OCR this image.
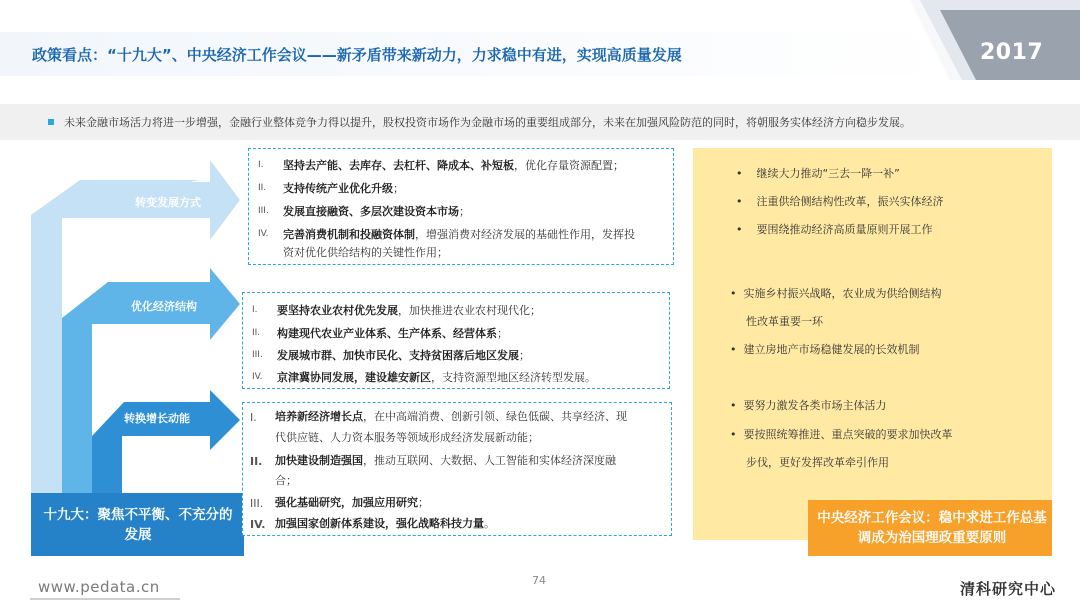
政策看点：“十九大”、中央经济工作会议——新矛盾带来新动力，力求稳中有进，实现高质量发展	2017
未来金融市场活力将进一步增强，金融行业整体竞争力得以提升，股权投资市场作为金融市场的重要组成部分，未来在加强风险防范的同时，将朝服务实体经济方向稳步发展。
转变发展方式
优化经济结构
转换增长动能
十九大：聚焦不平衡、不充分的发展
I. 坚持去产能、去库存、去杠杆、降成本、补短板，优化存量资源配置；
II. 支持传统产业优化升级；
III. 发展直接融资、多层次建设资本市场；
IV. 完善消费机制和投融资体制，增强消费对经济发展的基础性作用，发挥投
资对优化供给结构的关键性作用；
I. 要坚持农业农村优先发展，加快推进农业农村现代化；
II. 构建现代农业产业体系、生产体系、经营体系；
III. 发展城市群、加快市民化、支持贫困落后地区发展；
IV. 京津冀协同发展，建设雄安新区，支持资源型地区经济转型发展。
I. 培养新经济增长点，在中高端消费、创新引领、绿色低碳、共享经济、现
代供应链、人力资本服务等领域形成经济发展新动能；
II. 加快建设制造强国，推动互联网、大数据、人工智能和实体经济深度融
合；
III. 强化基础研究，加强应用研究；
IV. 加强国家创新体系建设，强化战略科技力量。
•    继续大力推动“三去一降一补”
•    注重供给侧结构性改革，振兴实体经济
•    要围绕推动经济高质量原则开展工作
•  实施乡村振兴战略，农业成为供给侧结构
性改革重要一环
•  建立房地产市场稳健发展的长效机制
•  要努力激发各类市场主体活力
•  要按照统筹推进、重点突破的要求加快改革
步伐，更好发挥改革牵引作用
中央经济工作会议：稳中求进工作总基调成为治国理政重要原则
www.pedata.cn	74	清科研究中心
